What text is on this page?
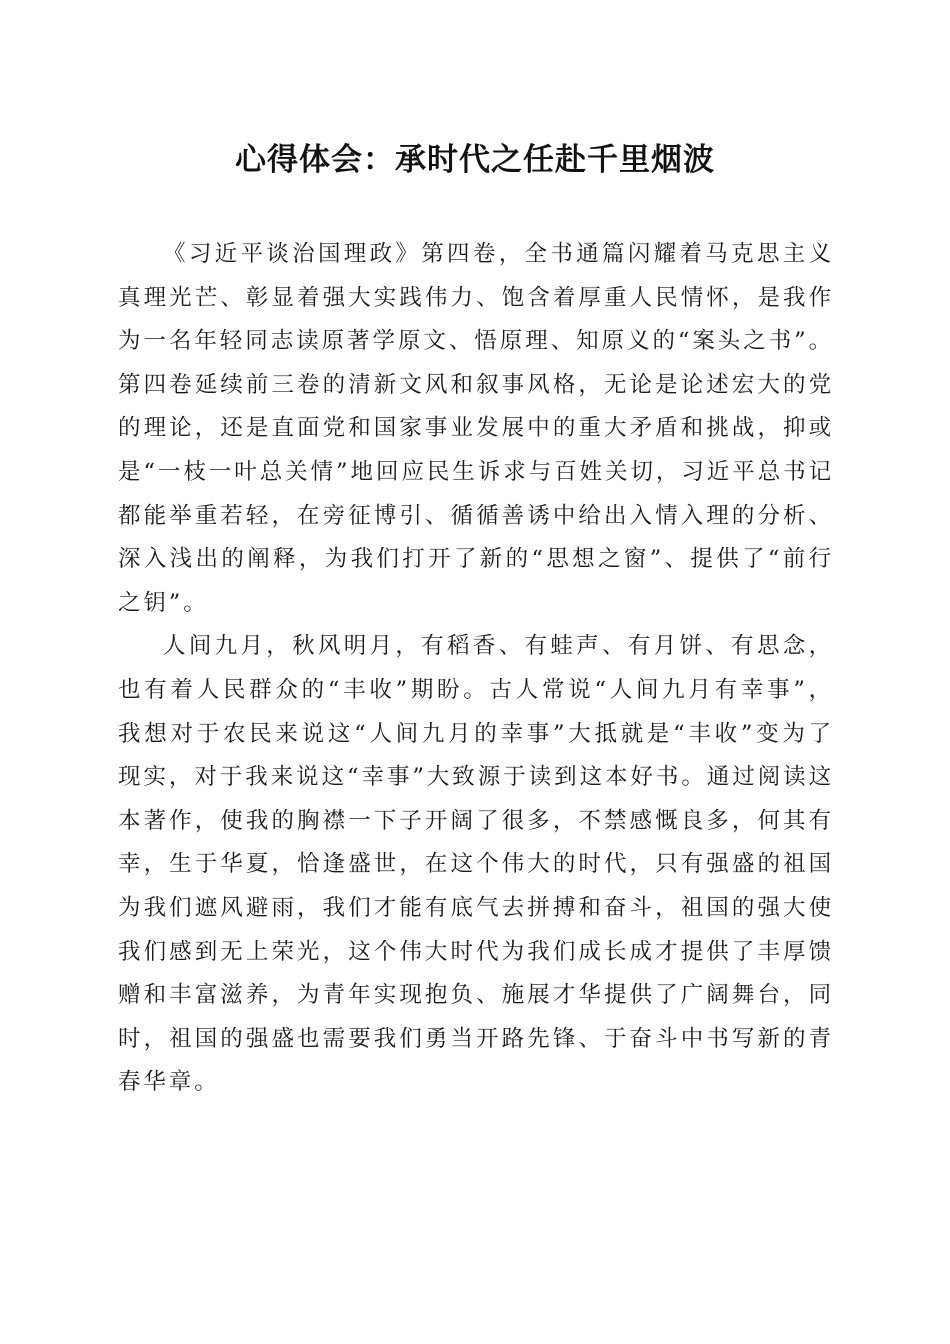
心得体会：承时代之任赴千里烟波

《习近平谈治国理政》第四卷，全书通篇闪耀着马克思主义真理光芒、彰显着强大实践伟力、饱含着厚重人民情怀，是我作为一名年轻同志读原著学原文、悟原理、知原义的“案头之书”。第四卷延续前三卷的清新文风和叙事风格，无论是论述宏大的党的理论，还是直面党和国家事业发展中的重大矛盾和挑战，抑或是“一枝一叶总关情”地回应民生诉求与百姓关切，习近平总书记都能举重若轻，在旁征博引、循循善诱中给出入情入理的分析、深入浅出的阐释，为我们打开了新的“思想之窗”、提供了“前行之钥”。

人间九月，秋风明月，有稻香、有蛙声、有月饼、有思念，也有着人民群众的“丰收”期盼。古人常说“人间九月有幸事”，我想对于农民来说这“人间九月的幸事”大抵就是“丰收”变为了现实，对于我来说这“幸事”大致源于读到这本好书。通过阅读这本著作，使我的胸襟一下子开阔了很多，不禁感慨良多，何其有幸，生于华夏，恰逢盛世，在这个伟大的时代，只有强盛的祖国为我们遮风避雨，我们才能有底气去拼搏和奋斗，祖国的强大使我们感到无上荣光，这个伟大时代为我们成长成才提供了丰厚馈赠和丰富滋养，为青年实现抱负、施展才华提供了广阔舞台，同时，祖国的强盛也需要我们勇当开路先锋、于奋斗中书写新的青春华章。
